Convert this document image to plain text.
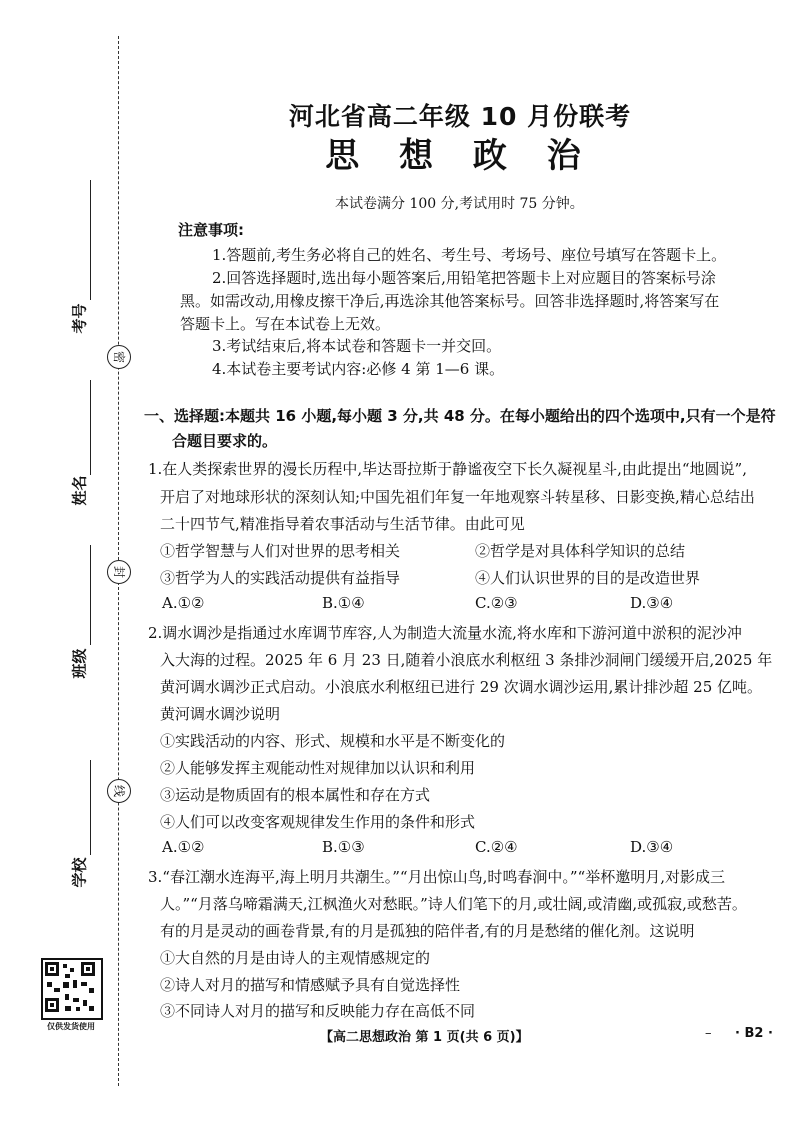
密
封
线
考号
姓名
班级
学校
仅供发货使用
河北省高二年级 10 月份联考
思 想 政 治
本试卷满分 100 分,考试用时 75 分钟。
注意事项:
1.答题前,考生务必将自己的姓名、考生号、考场号、座位号填写在答题卡上。
2.回答选择题时,选出每小题答案后,用铅笔把答题卡上对应题目的答案标号涂
黑。如需改动,用橡皮擦干净后,再选涂其他答案标号。回答非选择题时,将答案写在
答题卡上。写在本试卷上无效。
3.考试结束后,将本试卷和答题卡一并交回。
4.本试卷主要考试内容:必修 4 第 1—6 课。
一、选择题:本题共 16 小题,每小题 3 分,共 48 分。在每小题给出的四个选项中,只有一个是符
合题目要求的。
1.在人类探索世界的漫长历程中,毕达哥拉斯于静谧夜空下长久凝视星斗,由此提出“地圆说”,
开启了对地球形状的深刻认知;中国先祖们年复一年地观察斗转星移、日影变换,精心总结出
二十四节气,精准指导着农事活动与生活节律。由此可见
①哲学智慧与人们对世界的思考相关	②哲学是对具体科学知识的总结
③哲学为人的实践活动提供有益指导	④人们认识世界的目的是改造世界
A.①②	B.①④	C.②③	D.③④
2.调水调沙是指通过水库调节库容,人为制造大流量水流,将水库和下游河道中淤积的泥沙冲
入大海的过程。2025 年 6 月 23 日,随着小浪底水利枢纽 3 条排沙洞闸门缓缓开启,2025 年
黄河调水调沙正式启动。小浪底水利枢纽已进行 29 次调水调沙运用,累计排沙超 25 亿吨。
黄河调水调沙说明
①实践活动的内容、形式、规模和水平是不断变化的
②人能够发挥主观能动性对规律加以认识和利用
③运动是物质固有的根本属性和存在方式
④人们可以改变客观规律发生作用的条件和形式
A.①②	B.①③	C.②④	D.③④
3.“春江潮水连海平,海上明月共潮生。”“月出惊山鸟,时鸣春涧中。”“举杯邀明月,对影成三
人。”“月落乌啼霜满天,江枫渔火对愁眠。”诗人们笔下的月,或壮阔,或清幽,或孤寂,或愁苦。
有的月是灵动的画卷背景,有的月是孤独的陪伴者,有的月是愁绪的催化剂。这说明
①大自然的月是由诗人的主观情感规定的
②诗人对月的描写和情感赋予具有自觉选择性
③不同诗人对月的描写和反映能力存在高低不同
【高二思想政治 第 1 页(共 6 页)】	– · B2 ·
